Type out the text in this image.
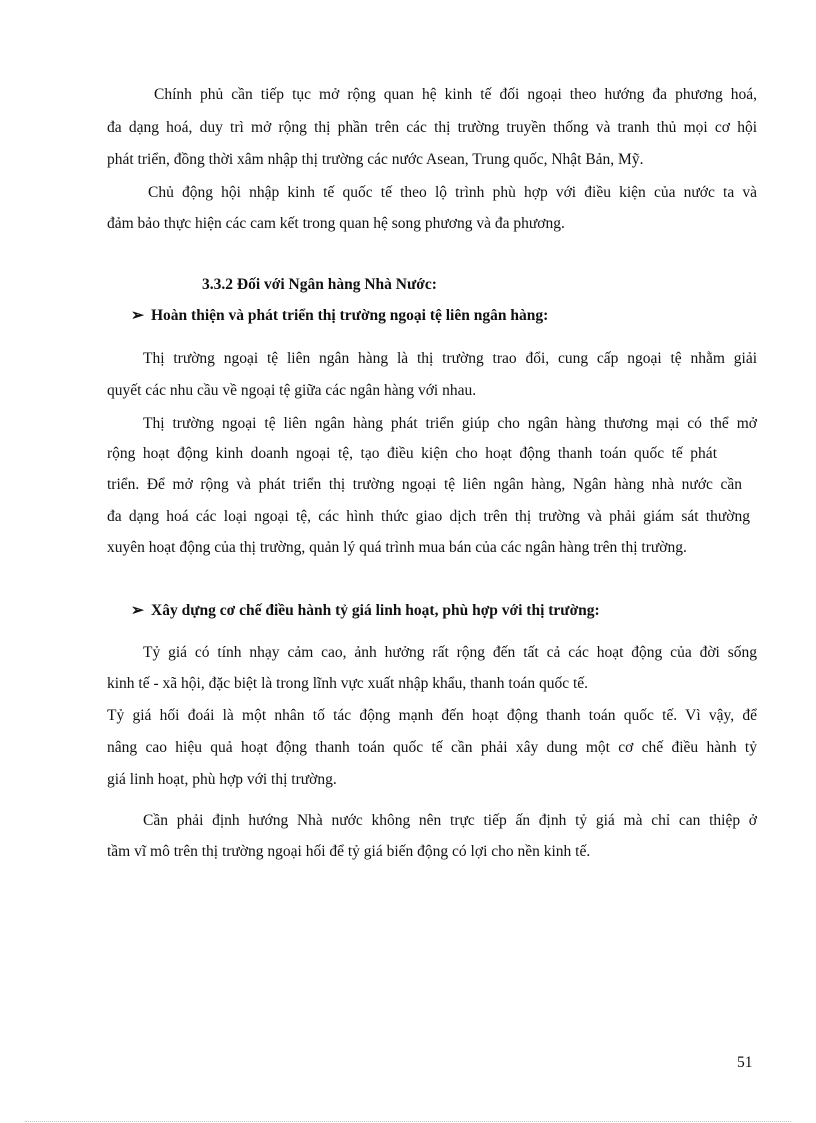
Chính phủ cần tiếp tục mở rộng quan hệ kinh tế đối ngoại theo hướng đa phương hoá,
đa dạng hoá, duy trì mở rộng thị phần trên các thị trường truyền thống và tranh thủ mọi cơ hội
phát triển, đồng thời xâm nhập thị trường các nước Asean, Trung quốc, Nhật Bản, Mỹ.
Chủ động hội nhập kinh tế quốc tế theo lộ trình phù hợp với điều kiện của nước ta và
đảm bảo thực hiện các cam kết trong quan hệ song phương và đa phương.
3.3.2 Đối với Ngân hàng Nhà Nước:
➢ Hoàn thiện và phát triển thị trường ngoại tệ liên ngân hàng:
Thị trường ngoại tệ liên ngân hàng là thị trường trao đổi, cung cấp ngoại tệ nhằm giải
quyết các nhu cầu về ngoại tệ giữa các ngân hàng với nhau.
Thị trường ngoại tệ liên ngân hàng phát triển giúp cho ngân hàng thương mại có thể mở
rộng hoạt động kinh doanh ngoại tệ, tạo điều kiện cho hoạt động thanh toán quốc tế phát
triển. Để mở rộng và phát triển thị trường ngoại tệ liên ngân hàng, Ngân hàng nhà nước cần
đa dạng hoá các loại ngoại tệ, các hình thức giao dịch trên thị trường và phải giám sát thường
xuyên hoạt động của thị trường, quản lý quá trình mua bán của các ngân hàng trên thị trường.
➢ Xây dựng cơ chế điều hành tỷ giá linh hoạt, phù hợp với thị trường:
Tỷ giá có tính nhạy cảm cao, ảnh hưởng rất rộng đến tất cả các hoạt động của đời sống
kinh tế - xã hội, đặc biệt là trong lĩnh vực xuất nhập khẩu, thanh toán quốc tế.
Tỷ giá hối đoái là một nhân tố tác động mạnh đến hoạt động thanh toán quốc tế. Vì vậy, để
nâng cao hiệu quả hoạt động thanh toán quốc tế cần phải xây dung một cơ chế điều hành tỷ
giá linh hoạt, phù hợp với thị trường.
Cần phải định hướng Nhà nước không nên trực tiếp ấn định tỷ giá mà chỉ can thiệp ở
tầm vĩ mô trên thị trường ngoại hối để tỷ giá biến động có lợi cho nền kinh tế.
51
